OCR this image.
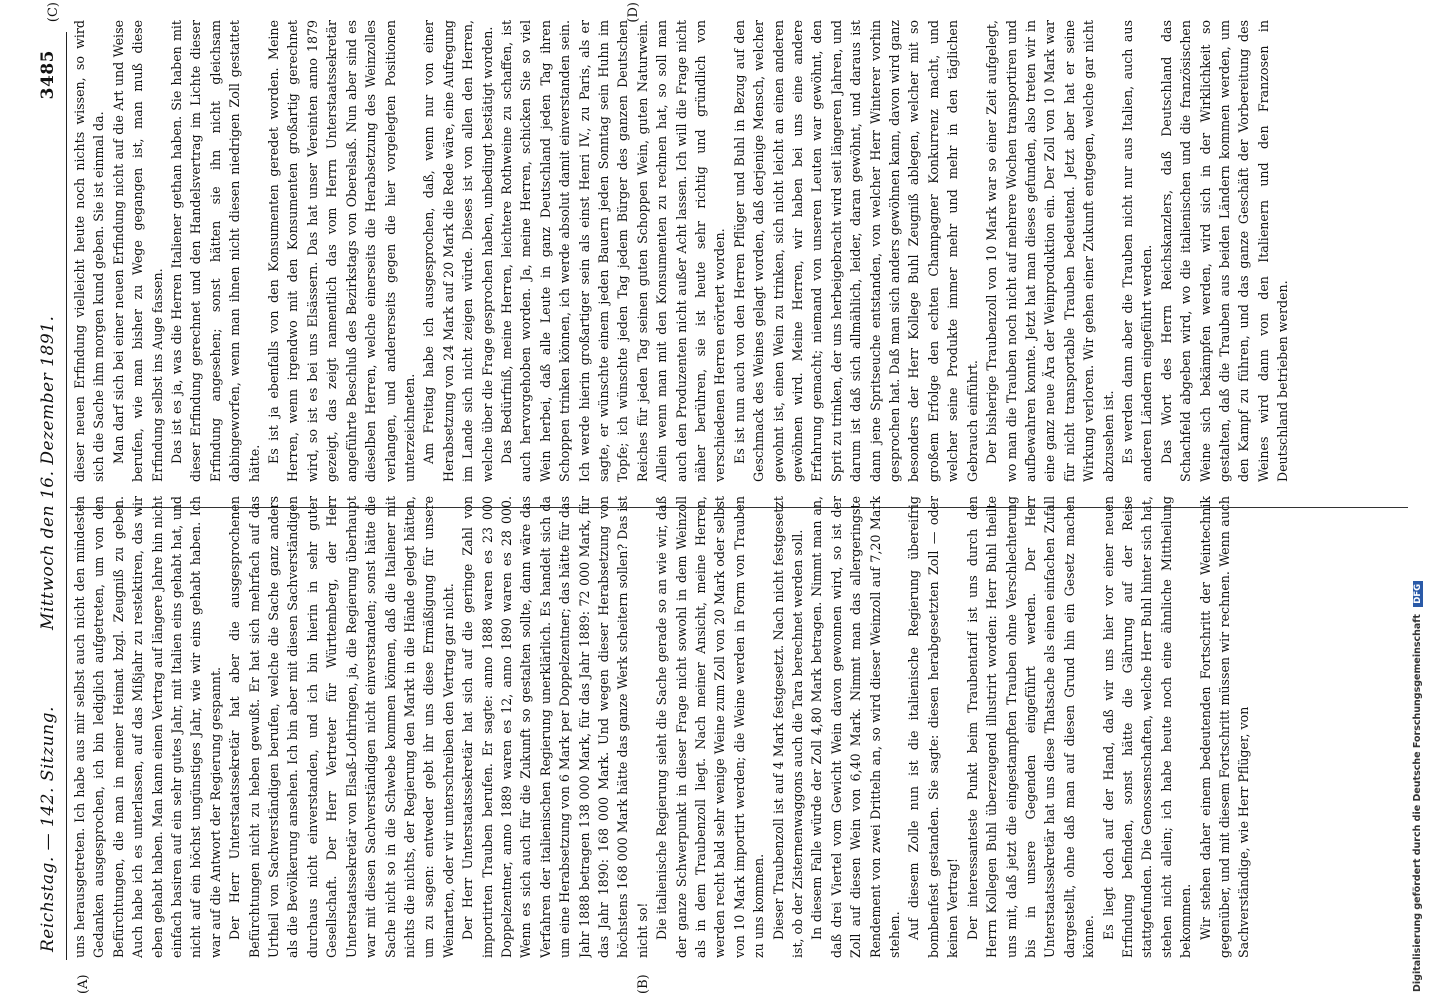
Reichstag. — 142. Sitzung.
Mittwoch den 16. Dezember 1891.
3485
(A)	(B)
(C)	(D)

uns herausgetreten. Ich habe aus mir selbst auch nicht den mindesten Gedanken ausgesprochen, ich bin lediglich aufgetreten, um von den Befürchtungen, die man in meiner Heimat bzgl. Zeugniß zu geben. Auch habe ich es unterlassen, auf das Mißjahr zu restektiren, das wir eben gehabt haben. Man kann einen Vertrag auf längere Jahre hin nicht einfach basiren auf ein sehr gutes Jahr, mit Italien eins gehabt hat, und nicht auf ein höchst ungünstiges Jahr, wie wir eins gehabt haben. Ich war auf die Antwort der Regierung gespannt. Der Herr Unterstaatssekretär hat aber die ausgesprochenen Befürchtungen nicht zu heben gewußt. Er hat sich mehrfach auf das Urtheil von Sachverständigen berufen, welche die Sache ganz anders als die Bevölkerung ansehen. Ich bin aber mit diesen Sachverständigen durchaus nicht einverstanden, und ich bin hierin in sehr guter Gesellschaft. Der Herr Vertreter für Württemberg, der Herr Unterstaatssekretär von Elsaß-Lothringen, ja, die Regierung überhaupt war mit diesen Sachverständigen nicht einverstanden; sonst hätte die Sache nicht so in die Schwebe kommen können, daß die Italiener mit nichts die nichts, der Regierung den Markt in die Hände gelegt hätten, um zu sagen: entweder gebt ihr uns diese Ermäßigung für unsere Weinarten, oder wir unterschreiben den Vertrag gar nicht. Der Herr Unterstaatssekretär hat sich auf die geringe Zahl von importirten Trauben berufen. Er sagte: anno 1888 waren es 23 000 Doppelzentner, anno 1889 waren es 12, anno 1890 waren es 28 000. Wenn es sich auch für die Zukunft so gestalten sollte, dann wäre das Verfahren der italienischen Regierung unerklärlich. Es handelt sich da um eine Herabsetzung von 6 Mark per Doppelzentner; das hätte für das Jahr 1888 betragen 138 000 Mark, für das Jahr 1889: 72 000 Mark, für das Jahr 1890: 168 000 Mark. Und wegen dieser Herabsetzung von höchstens 168 000 Mark hätte das ganze Werk scheitern sollen? Das ist nicht so! Die italienische Regierung sieht die Sache gerade so an wie wir, daß der ganze Schwerpunkt in dieser Frage nicht sowohl in dem Weinzoll als in dem Traubenzoll liegt. Nach meiner Ansicht, meine Herren, werden recht bald sehr wenige Weine zum Zoll von 20 Mark oder selbst von 10 Mark importirt werden; die Weine werden in Form von Trauben zu uns kommen. Dieser Traubenzoll ist auf 4 Mark festgesetzt. Nach nicht festgesetzt ist, ob der Zisternenwaggons auch die Tara berechnet werden soll. In diesem Falle würde der Zoll 4,80 Mark betragen. Nimmt man an, daß drei Viertel vom Gewicht Wein davon gewonnen wird, so ist der Zoll auf diesen Wein von 6,40 Mark. Nimmt man das allergeringste Rendement von zwei Dritteln an, so wird dieser Weinzoll auf 7,20 Mark stehen. Auf diesem Zolle nun ist die italienische Regierung übereifrig bombenfest gestanden. Sie sagte: diesen herabgesetzten Zoll — oder keinen Vertrag! Der interessanteste Punkt beim Traubentarif ist uns durch den Herrn Kollegen Buhl überzeugend illustrirt worden: Herr Buhl theilte uns mit, daß jetzt die eingestampften Trauben ohne Verschlechterung bis in unsere Gegenden eingeführt werden. Der Herr Unterstaatssekretär hat uns diese Thatsache als einen einfachen Zufall dargestellt, ohne daß man auf diesen Grund hin ein Gesetz machen könne. Es liegt doch auf der Hand, daß wir uns hier vor einer neuen Erfindung befinden, sonst hätte die Gährung auf der Reise stattgefunden. Die Genossenschaften, welche Herr Buhl hinter sich hat, stehen nicht allein; ich habe heute noch eine ähnliche Mittheilung bekommen. Wir stehen daher einem bedeutenden Fortschritt der Weintechnik gegenüber, und mit diesem Fortschritt müssen wir rechnen. Wenn auch Sachverständige, wie Herr Pflüger, von

dieser neuen Erfindung vielleicht heute noch nichts wissen, so wird sich die Sache ihm morgen kund geben. Sie ist einmal da. Man darf sich bei einer neuen Erfindung nicht auf die Art und Weise berufen, wie man bisher zu Wege gegangen ist, man muß diese Erfindung selbst ins Auge fassen. Das ist es ja, was die Herren Italiener gethan haben. Sie haben mit dieser Erfindung gerechnet und den Handelsvertrag im Lichte dieser Erfindung angesehen; sonst hätten sie ihn nicht gleichsam dabingeworfen, wenn man ihnen nicht diesen niedrigen Zoll gestattet hätte. Es ist ja ebenfalls von den Konsumenten geredet worden. Meine Herren, wenn irgendwo mit den Konsumenten großartig gerechnet wird, so ist es bei uns Elsässern. Das hat unser Vereinten anno 1879 gezeigt, das zeigt namentlich das vom Herrn Unterstaatssekretär angeführte Beschluß des Bezirkstags von Oberelsaß. Nun aber sind es dieselben Herren, welche einerseits die Herabsetzung des Weinzolles verlangen, und andererseits gegen die hier vorgelegten Positionen unterzeichneten. Am Freitag habe ich ausgesprochen, daß, wenn nur von einer Herabsetzung von 24 Mark auf 20 Mark die Rede wäre, eine Aufregung im Lande sich nicht zeigen würde. Dieses ist von allen den Herren, welche über die Frage gesprochen haben, unbedingt bestätigt worden. Das Bedürfniß, meine Herren, leichtere Rothweine zu schaffen, ist auch hervorgehoben worden. Ja, meine Herren, schicken Sie so viel Wein herbei, daß alle Leute in ganz Deutschland jeden Tag ihren Schoppen trinken können, ich werde absolut damit einverstanden sein. Ich werde hierin großartiger sein als einst Henri IV., zu Paris, als er sagte, er wünschte einem jeden Bauern jeden Sonntag sein Huhn im Topfe; ich wünschte jeden Tag jedem Bürger des ganzen Deutschen Reiches für jeden Tag seinen guten Schoppen Wein, guten Naturwein. Allein wenn man mit den Konsumenten zu rechnen hat, so soll man auch den Produzenten nicht außer Acht lassen. Ich will die Frage nicht näher berühren, sie ist heute sehr richtig und gründlich von verschiedenen Herren erörtert worden. Es ist nun auch von den Herren Pflüger und Buhl in Bezug auf den Geschmack des Weines gelagt worden, daß derjenige Mensch, welcher gewohnt ist, einen Wein zu trinken, sich nicht leicht an einen anderen gewöhnen wird. Meine Herren, wir haben bei uns eine andere Erfahrung gemacht; niemand von unseren Leuten war gewöhnt, den Sprit zu trinken, der uns herbeigebracht wird seit längeren Jahren, und darum ist daß sich allmählich, leider, daran gewöhnt, und daraus ist dann jene Spritseuche entstanden, von welcher Herr Winterer vorhin gesprochen hat. Daß man sich anders gewöhnen kann, davon wird ganz besonders der Herr Kollege Buhl Zeugniß ablegen, welcher mit so großem Erfolge den echten Champagner Konkurrenz macht, und welcher seine Produkte immer mehr und mehr in den täglichen Gebrauch einführt. Der bisherige Traubenzoll von 10 Mark war so einer Zeit aufgelegt, wo man die Trauben noch nicht auf mehrere Wochen transportiren und aufbewahren konnte. Jetzt hat man dieses gefunden, also treten wir in eine ganz neue Ära der Weinproduktion ein. Der Zoll von 10 Mark war für nicht transportable Trauben bedeutend. Jetzt aber hat er seine Wirkung verloren. Wir gehen einer Zukunft entgegen, welche gar nicht abzusehen ist. Es werden dann aber die Trauben nicht nur aus Italien, auch aus anderen Ländern eingeführt werden. Das Wort des Herrn Reichskanzlers, daß Deutschland das Schachfeld abgeben wird, wo die italienischen und die französischen Weine sich bekämpfen werden, wird sich in der Wirklichkeit so gestalten, daß die Trauben aus beiden Ländern kommen werden, um den Kampf zu führen, und das ganze Geschäft der Vorbereitung des Weines wird dann von den Italienern und den Franzosen in Deutschland betrieben werden.

Digitalisierung gefördert durch die Deutsche Forschungsgemeinschaft DFG
